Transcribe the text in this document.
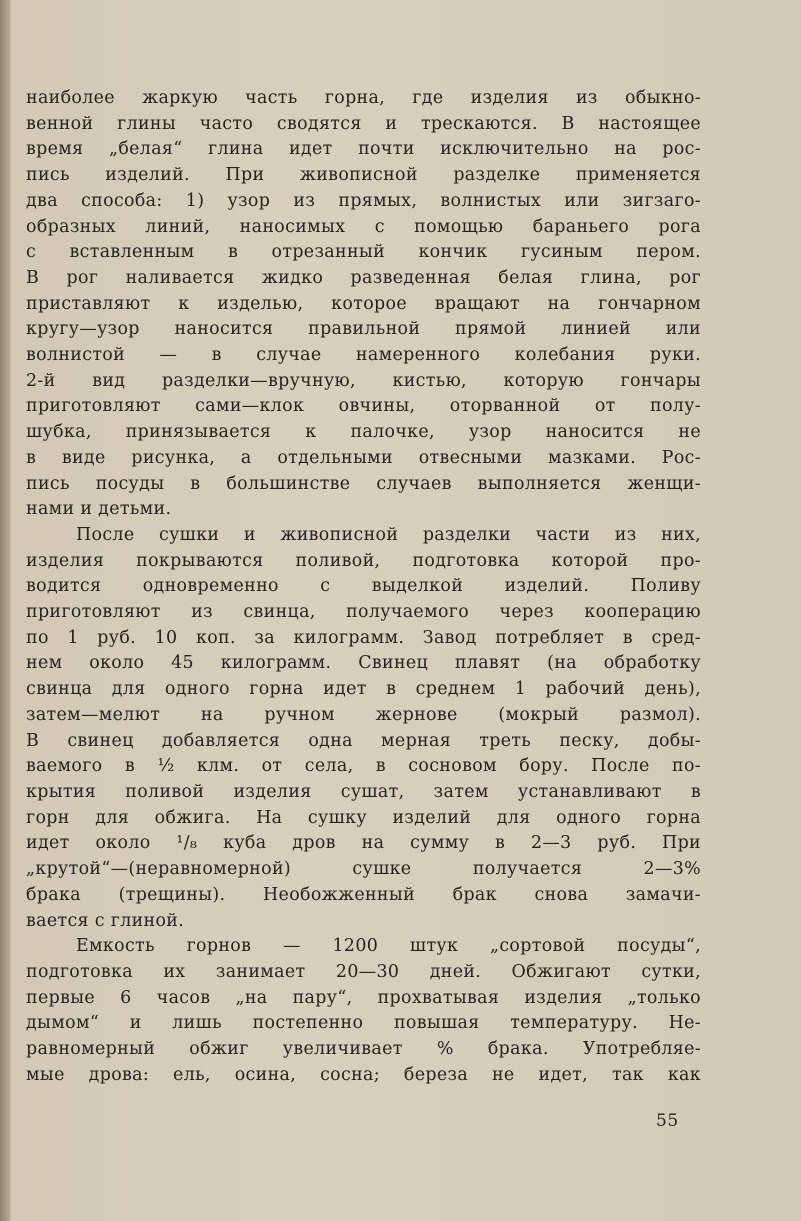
наиболее жаркую часть горна, где изделия из обыкно-
венной глины часто сводятся и трескаются. В настоящее
время „белая“ глина идет почти исключительно на рос-
пись изделий. При живописной разделке применяется
два способа: 1) узор из прямых, волнистых или зигзаго-
образных линий, наносимых с помощью бараньего рога
с вставленным в отрезанный кончик гусиным пером.
В рог наливается жидко разведенная белая глина, рог
приставляют к изделью, которое вращают на гончарном
кругу—узор наносится правильной прямой линией или
волнистой — в случае намеренного колебания руки.
2-й вид разделки—вручную, кистью, которую гончары
приготовляют сами—клок овчины, оторванной от полу-
шубка, принязывается к палочке, узор наносится не
в виде рисунка, а отдельными отвесными мазками. Рос-
пись посуды в большинстве случаев выполняется женщи-
нами и детьми.
После сушки и живописной разделки части из них,
изделия покрываются поливой, подготовка которой про-
водится одновременно с выделкой изделий. Поливу
приготовляют из свинца, получаемого через кооперацию
по 1 руб. 10 коп. за килограмм. Завод потребляет в сред-
нем около 45 килограмм. Свинец плавят (на обработку
свинца для одного горна идет в среднем 1 рабочий день),
затем—мелют на ручном жернове (мокрый размол).
В свинец добавляется одна мерная треть песку, добы-
ваемого в ½ клм. от села, в сосновом бору. После по-
крытия поливой изделия сушат, затем устанавливают в
горн для обжига. На сушку изделий для одного горна
идет около ¹/₈ куба дров на сумму в 2—3 руб. При
„крутой“—(неравномерной) сушке получается 2—3%
брака (трещины). Необожженный брак снова замачи-
вается с глиной.
Емкость горнов — 1200 штук „сортовой посуды“,
подготовка их занимает 20—30 дней. Обжигают сутки,
первые 6 часов „на пару“, прохватывая изделия „только
дымом“ и лишь постепенно повышая температуру. Не-
равномерный обжиг увеличивает % брака. Употребляе-
мые дрова: ель, осина, сосна; береза не идет, так как
55
